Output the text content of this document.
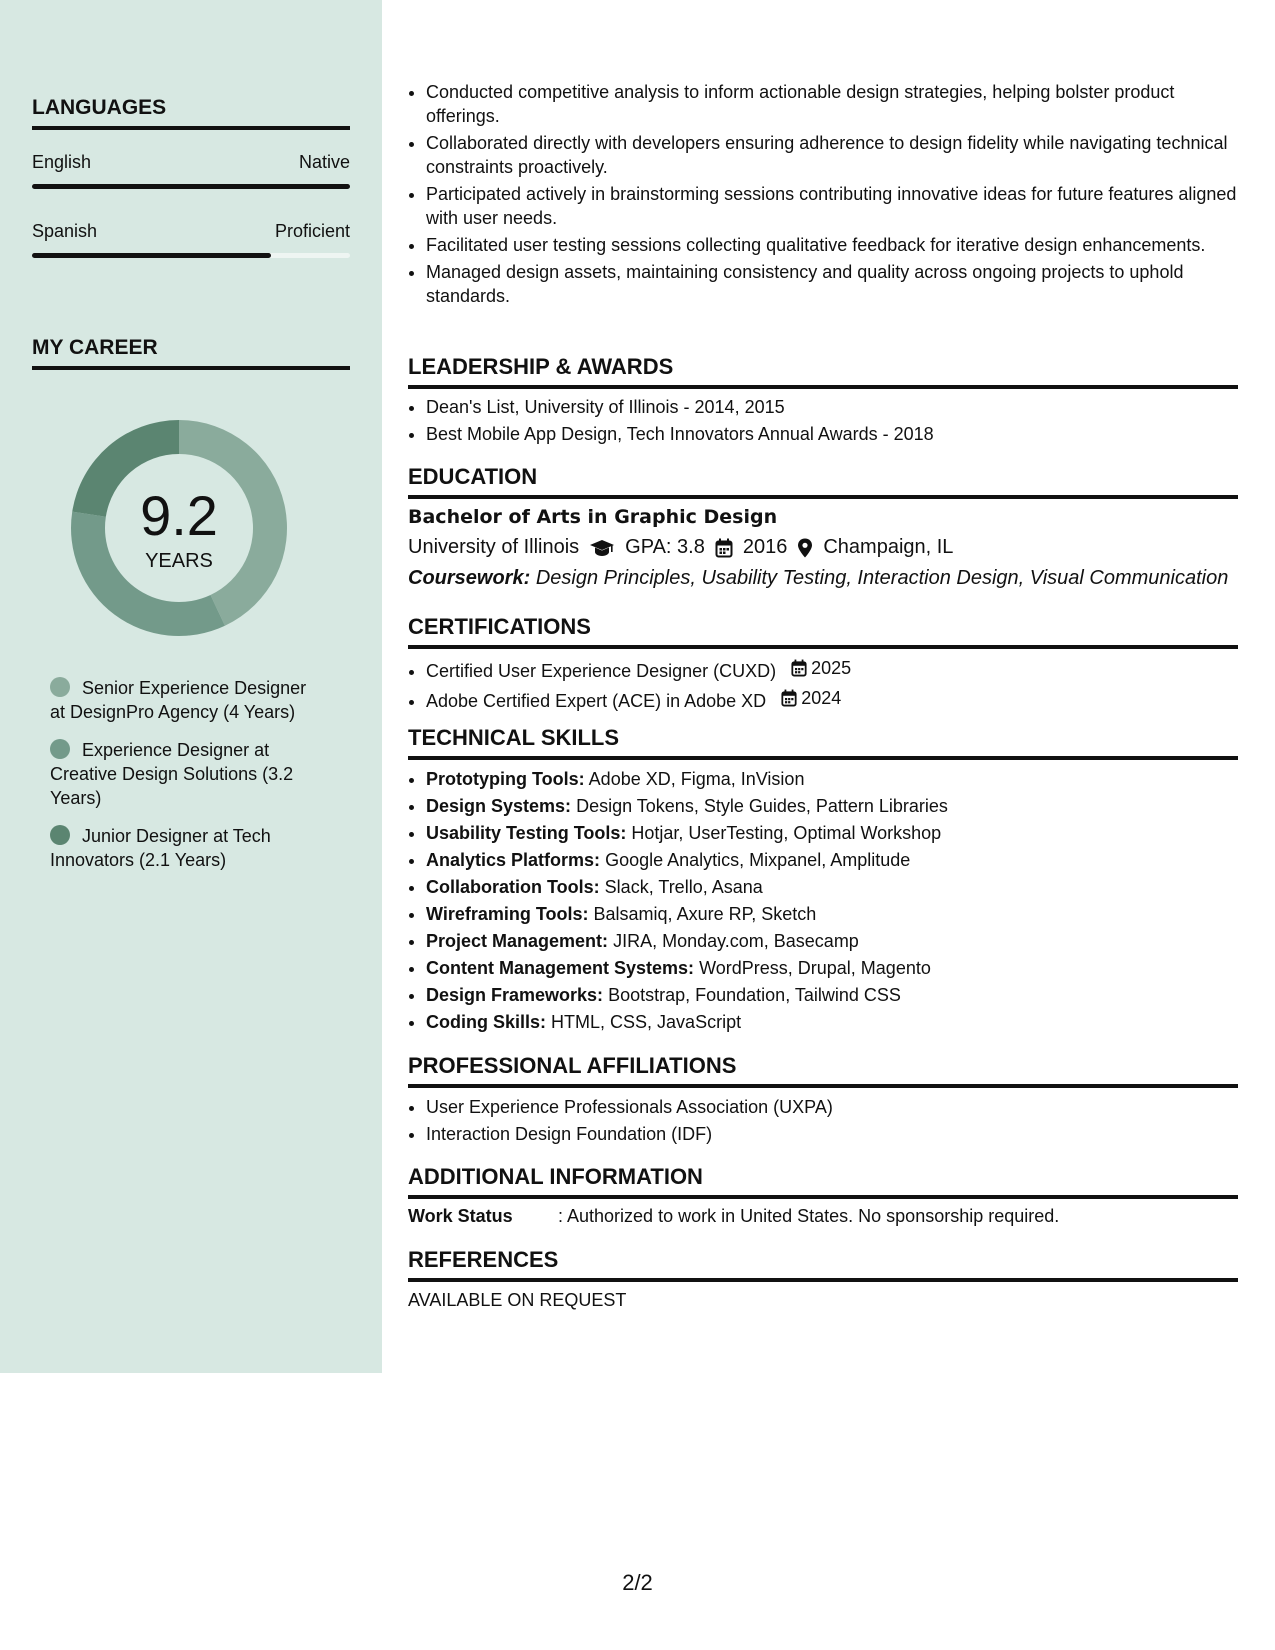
LANGUAGES
English	Native
Spanish	Proficient
MY CAREER
9.2
YEARS
Senior Experience Designer at DesignPro Agency (4 Years)
Experience Designer at Creative Design Solutions (3.2 Years)
Junior Designer at Tech Innovators (2.1 Years)
• Conducted competitive analysis to inform actionable design strategies, helping bolster product offerings.
• Collaborated directly with developers ensuring adherence to design fidelity while navigating technical constraints proactively.
• Participated actively in brainstorming sessions contributing innovative ideas for future features aligned with user needs.
• Facilitated user testing sessions collecting qualitative feedback for iterative design enhancements.
• Managed design assets, maintaining consistency and quality across ongoing projects to uphold standards.
LEADERSHIP & AWARDS
• Dean's List, University of Illinois - 2014, 2015
• Best Mobile App Design, Tech Innovators Annual Awards - 2018
EDUCATION
Bachelor of Arts in Graphic Design
University of Illinois GPA: 3.8 2016 Champaign, IL
Coursework: Design Principles, Usability Testing, Interaction Design, Visual Communication
CERTIFICATIONS
• Certified User Experience Designer (CUXD) 2025
• Adobe Certified Expert (ACE) in Adobe XD 2024
TECHNICAL SKILLS
• Prototyping Tools: Adobe XD, Figma, InVision
• Design Systems: Design Tokens, Style Guides, Pattern Libraries
• Usability Testing Tools: Hotjar, UserTesting, Optimal Workshop
• Analytics Platforms: Google Analytics, Mixpanel, Amplitude
• Collaboration Tools: Slack, Trello, Asana
• Wireframing Tools: Balsamiq, Axure RP, Sketch
• Project Management: JIRA, Monday.com, Basecamp
• Content Management Systems: WordPress, Drupal, Magento
• Design Frameworks: Bootstrap, Foundation, Tailwind CSS
• Coding Skills: HTML, CSS, JavaScript
PROFESSIONAL AFFILIATIONS
• User Experience Professionals Association (UXPA)
• Interaction Design Foundation (IDF)
ADDITIONAL INFORMATION
Work Status	: Authorized to work in United States. No sponsorship required.
REFERENCES
AVAILABLE ON REQUEST
2/2
